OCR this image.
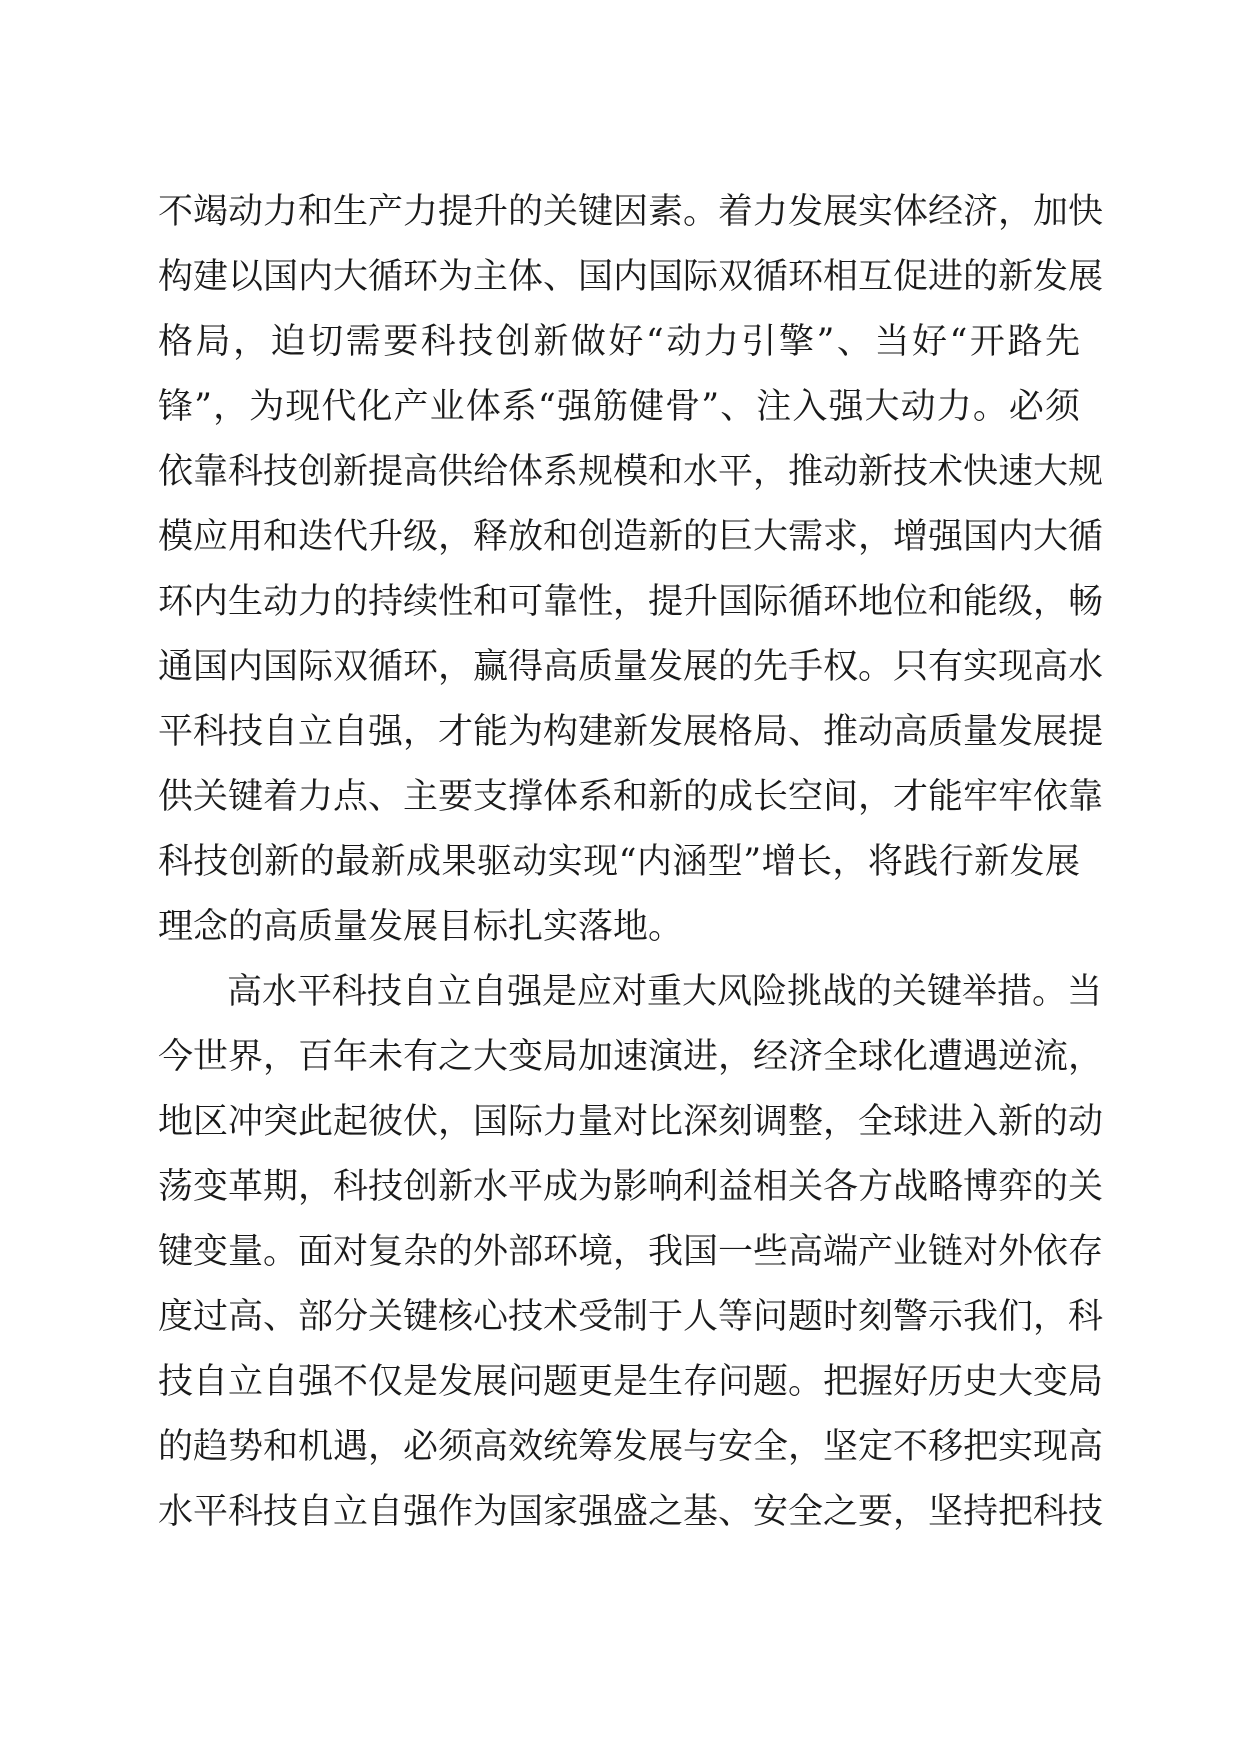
不竭动力和生产力提升的关键因素。着力发展实体经济，加快
构建以国内大循环为主体、国内国际双循环相互促进的新发展
格局，迫切需要科技创新做好“动力引擎”、当好“开路先
锋”，为现代化产业体系“强筋健骨”、注入强大动力。必须
依靠科技创新提高供给体系规模和水平，推动新技术快速大规
模应用和迭代升级，释放和创造新的巨大需求，增强国内大循
环内生动力的持续性和可靠性，提升国际循环地位和能级，畅
通国内国际双循环，赢得高质量发展的先手权。只有实现高水
平科技自立自强，才能为构建新发展格局、推动高质量发展提
供关键着力点、主要支撑体系和新的成长空间，才能牢牢依靠
科技创新的最新成果驱动实现“内涵型”增长，将践行新发展
理念的高质量发展目标扎实落地。
高水平科技自立自强是应对重大风险挑战的关键举措。当
今世界，百年未有之大变局加速演进，经济全球化遭遇逆流，
地区冲突此起彼伏，国际力量对比深刻调整，全球进入新的动
荡变革期，科技创新水平成为影响利益相关各方战略博弈的关
键变量。面对复杂的外部环境，我国一些高端产业链对外依存
度过高、部分关键核心技术受制于人等问题时刻警示我们，科
技自立自强不仅是发展问题更是生存问题。把握好历史大变局
的趋势和机遇，必须高效统筹发展与安全，坚定不移把实现高
水平科技自立自强作为国家强盛之基、安全之要，坚持把科技
